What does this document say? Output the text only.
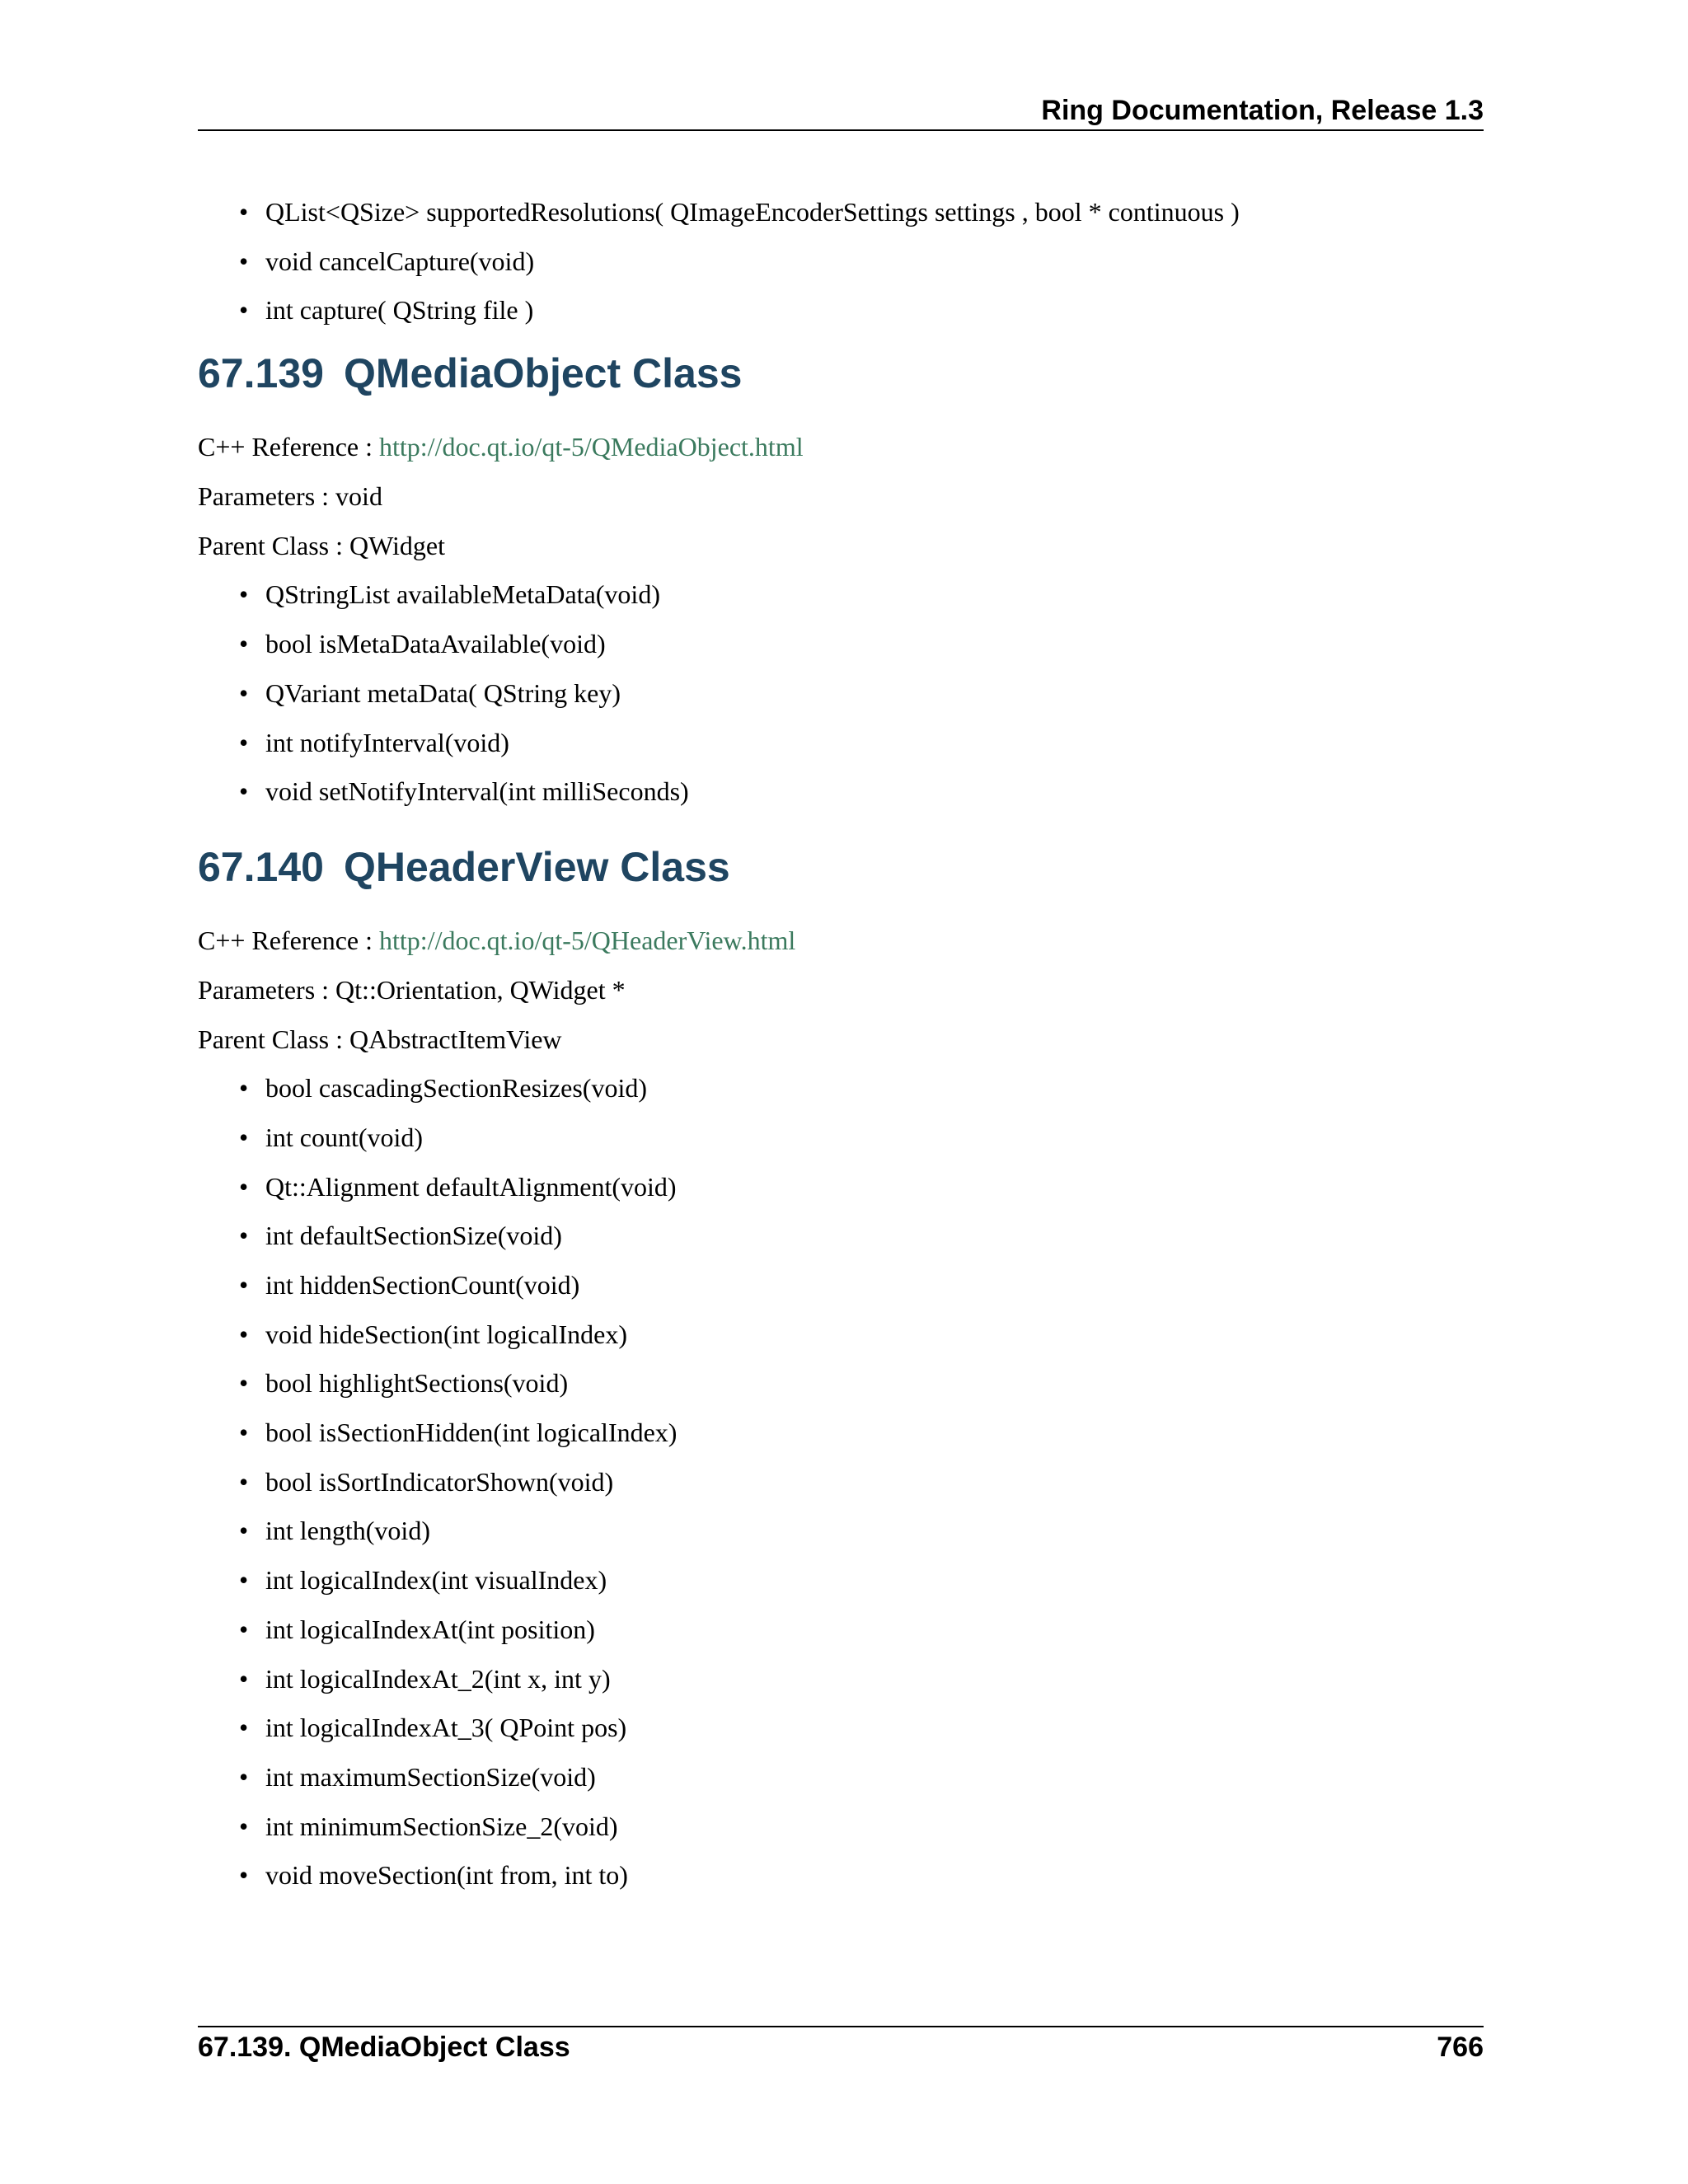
Ring Documentation, Release 1.3
• QList<QSize> supportedResolutions( QImageEncoderSettings settings , bool * continuous )
• void cancelCapture(void)
• int capture( QString file )
67.139 QMediaObject Class
C++ Reference : http://doc.qt.io/qt-5/QMediaObject.html
Parameters : void
Parent Class : QWidget
• QStringList availableMetaData(void)
• bool isMetaDataAvailable(void)
• QVariant metaData( QString key)
• int notifyInterval(void)
• void setNotifyInterval(int milliSeconds)
67.140 QHeaderView Class
C++ Reference : http://doc.qt.io/qt-5/QHeaderView.html
Parameters : Qt::Orientation, QWidget *
Parent Class : QAbstractItemView
• bool cascadingSectionResizes(void)
• int count(void)
• Qt::Alignment defaultAlignment(void)
• int defaultSectionSize(void)
• int hiddenSectionCount(void)
• void hideSection(int logicalIndex)
• bool highlightSections(void)
• bool isSectionHidden(int logicalIndex)
• bool isSortIndicatorShown(void)
• int length(void)
• int logicalIndex(int visualIndex)
• int logicalIndexAt(int position)
• int logicalIndexAt_2(int x, int y)
• int logicalIndexAt_3( QPoint pos)
• int maximumSectionSize(void)
• int minimumSectionSize_2(void)
• void moveSection(int from, int to)
67.139. QMediaObject Class	766
